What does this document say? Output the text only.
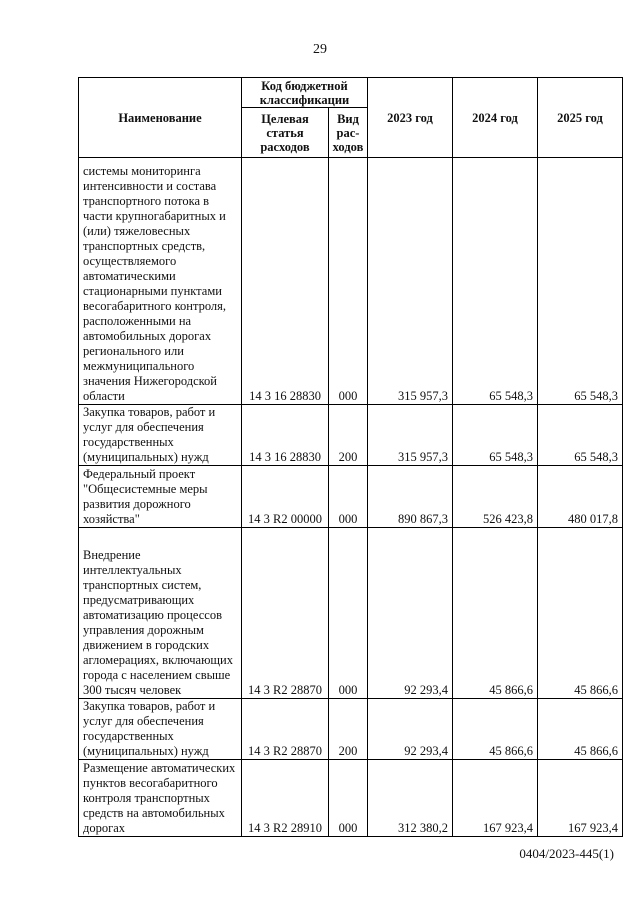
29
Наименование	Код бюджетной классификации		2023 год	2024 год	2025 год
	Целевая статья расходов	Вид рас-ходов			
системы мониторинга интенсивности и состава транспортного потока в части крупногабаритных и (или) тяжеловесных транспортных средств, осуществляемого автоматическими стационарными пунктами весогабаритного контроля, расположенными на автомобильных дорогах регионального или межмуниципального значения Нижегородской области	14 3 16 28830	000	315 957,3	65 548,3	65 548,3
Закупка товаров, работ и услуг для обеспечения государственных (муниципальных) нужд	14 3 16 28830	200	315 957,3	65 548,3	65 548,3
Федеральный проект "Общесистемные меры развития дорожного хозяйства"	14 3 R2 00000	000	890 867,3	526 423,8	480 017,8
Внедрение интеллектуальных транспортных систем, предусматривающих автоматизацию процессов управления дорожным движением в городских агломерациях, включающих города с населением свыше 300 тысяч человек	14 3 R2 28870	000	92 293,4	45 866,6	45 866,6
Закупка товаров, работ и услуг для обеспечения государственных (муниципальных) нужд	14 3 R2 28870	200	92 293,4	45 866,6	45 866,6
Размещение автоматических пунктов весогабаритного контроля транспортных средств на автомобильных дорогах	14 3 R2 28910	000	312 380,2	167 923,4	167 923,4
0404/2023-445(1)
